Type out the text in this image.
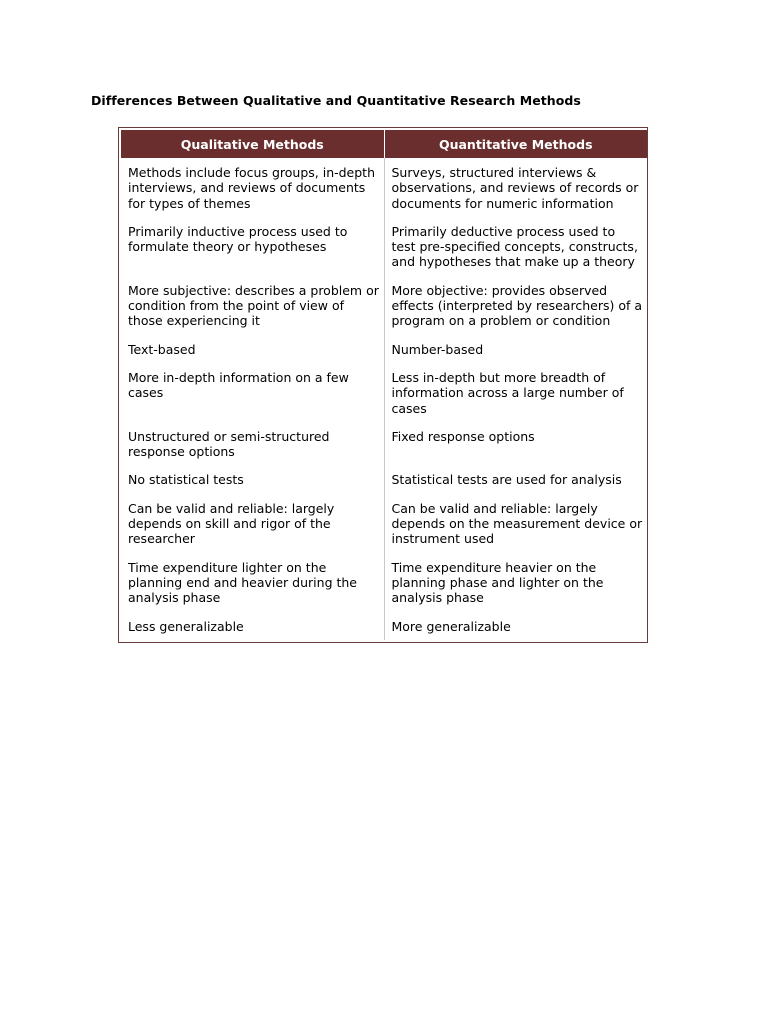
Differences Between Qualitative and Quantitative Research Methods
Qualitative Methods	Quantitative Methods
Methods include focus groups, in-depth interviews, and reviews of documents for types of themes	Surveys, structured interviews & observations, and reviews of records or documents for numeric information
Primarily inductive process used to formulate theory or hypotheses	Primarily deductive process used to test pre-specified concepts, constructs, and hypotheses that make up a theory
More subjective: describes a problem or condition from the point of view of those experiencing it	More objective: provides observed effects (interpreted by researchers) of a program on a problem or condition
Text-based	Number-based
More in-depth information on a few cases	Less in-depth but more breadth of information across a large number of cases
Unstructured or semi-structured response options	Fixed response options
No statistical tests	Statistical tests are used for analysis
Can be valid and reliable: largely depends on skill and rigor of the researcher	Can be valid and reliable: largely depends on the measurement device or instrument used
Time expenditure lighter on the planning end and heavier during the analysis phase	Time expenditure heavier on the planning phase and lighter on the analysis phase
Less generalizable	More generalizable
